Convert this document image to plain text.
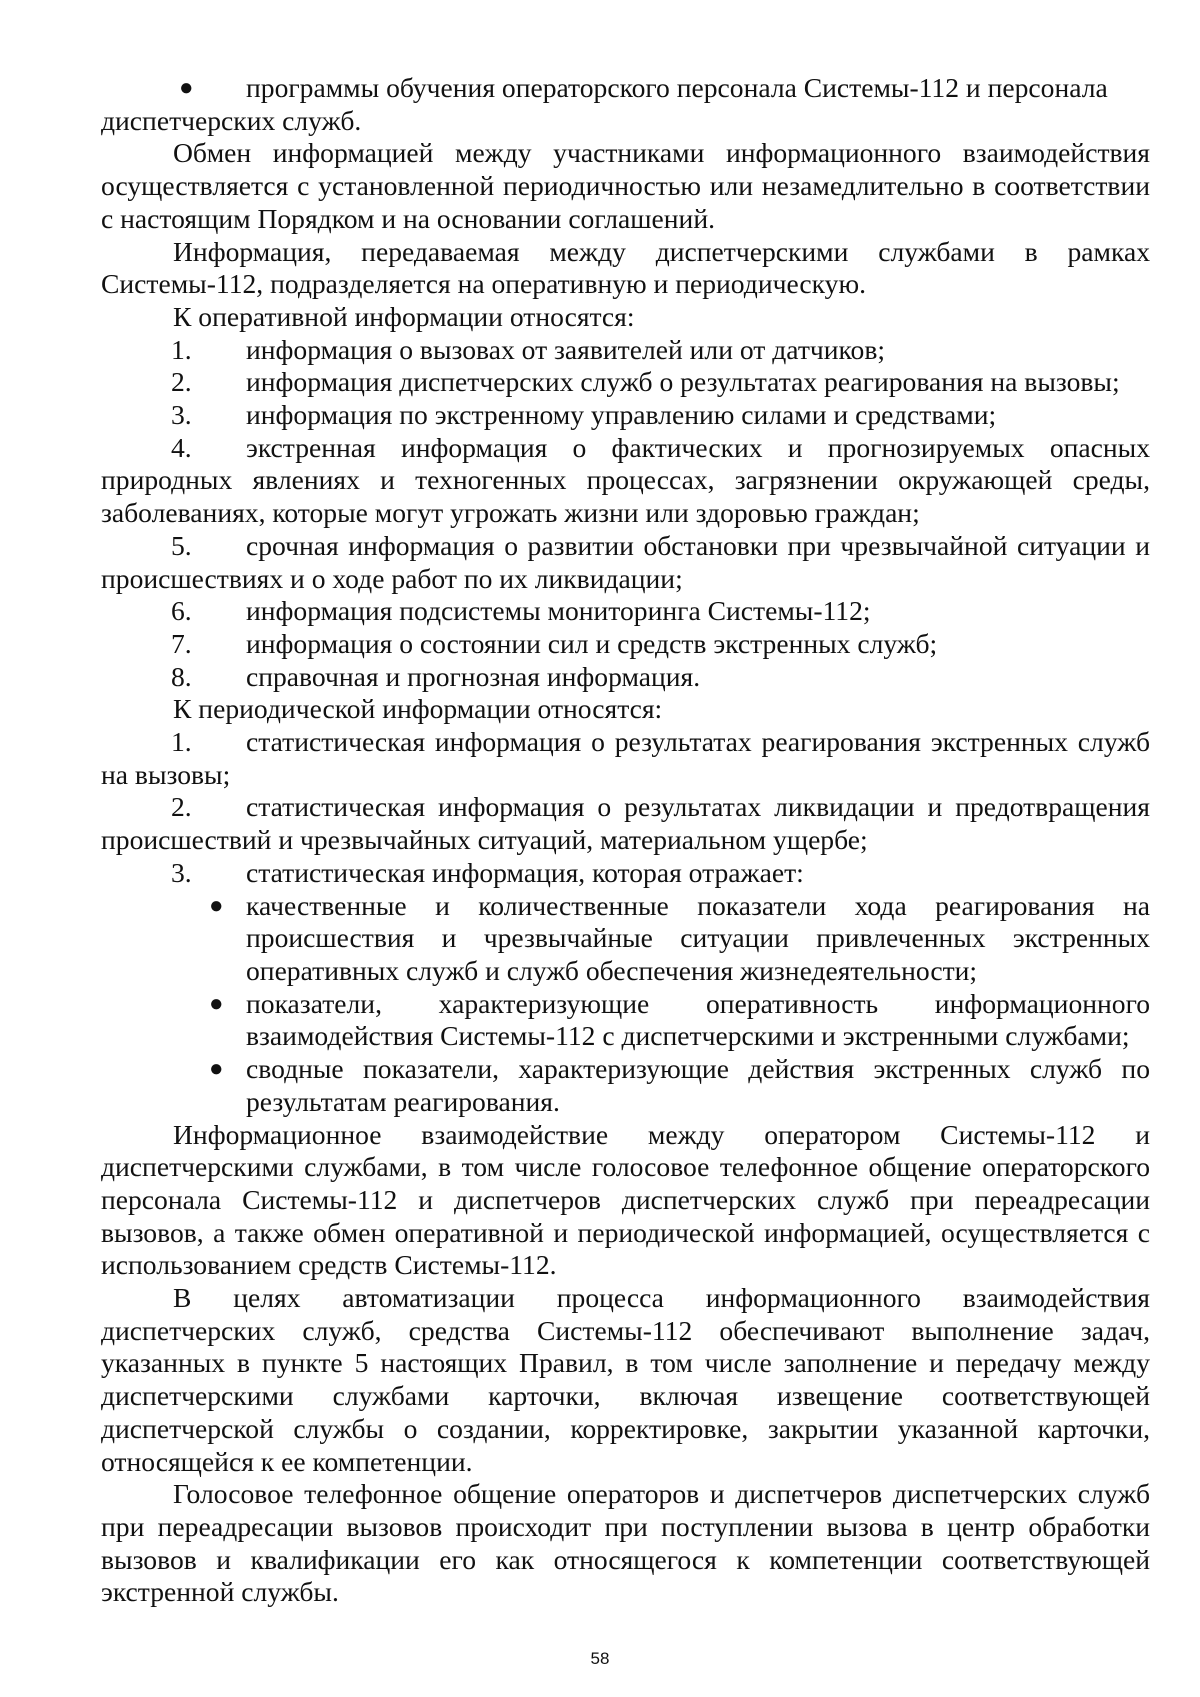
● программы обучения операторского персонала Системы-112 и персонала

диспетчерских служб.

Обмен информацией между участниками информационного взаимодействия осуществляется с установленной периодичностью или незамедлительно в соответствии с настоящим Порядком и на основании соглашений.

Информация, передаваемая между диспетчерскими службами в рамках Системы-112, подразделяется на оперативную и периодическую.

К оперативной информации относятся:

1. информация о вызовах от заявителей или от датчиков;

2. информация диспетчерских служб о результатах реагирования на вызовы;

3. информация по экстренному управлению силами и средствами;

4. экстренная информация о фактических и прогнозируемых опасных природных явлениях и техногенных процессах, загрязнении окружающей среды, заболеваниях, которые могут угрожать жизни или здоровью граждан;

5. срочная информация о развитии обстановки при чрезвычайной ситуации и происшествиях и о ходе работ по их ликвидации;

6. информация подсистемы мониторинга Системы-112;

7. информация о состоянии сил и средств экстренных служб;

8. справочная и прогнозная информация.

К периодической информации относятся:

1. статистическая информация о результатах реагирования экстренных служб на вызовы;

2. статистическая информация о результатах ликвидации и предотвращения происшествий и чрезвычайных ситуаций, материальном ущербе;

3. статистическая информация, которая отражает:

● качественные и количественные показатели хода реагирования на происшествия и чрезвычайные ситуации привлеченных экстренных оперативных служб и служб обеспечения жизнедеятельности;

● показатели, характеризующие оперативность информационного взаимодействия Системы-112 с диспетчерскими и экстренными службами;

● сводные показатели, характеризующие действия экстренных служб по результатам реагирования.

Информационное взаимодействие между оператором Системы-112 и диспетчерскими службами, в том числе голосовое телефонное общение операторского персонала Системы-112 и диспетчеров диспетчерских служб при переадресации вызовов, а также обмен оперативной и периодической информацией, осуществляется с использованием средств Системы-112.

В целях автоматизации процесса информационного взаимодействия диспетчерских служб, средства Системы-112 обеспечивают выполнение задач, указанных в пункте 5 настоящих Правил, в том числе заполнение и передачу между диспетчерскими службами карточки, включая извещение соответствующей диспетчерской службы о создании, корректировке, закрытии указанной карточки, относящейся к ее компетенции.

Голосовое телефонное общение операторов и диспетчеров диспетчерских служб при переадресации вызовов происходит при поступлении вызова в центр обработки вызовов и квалификации его как относящегося к компетенции соответствующей экстренной службы.

58
